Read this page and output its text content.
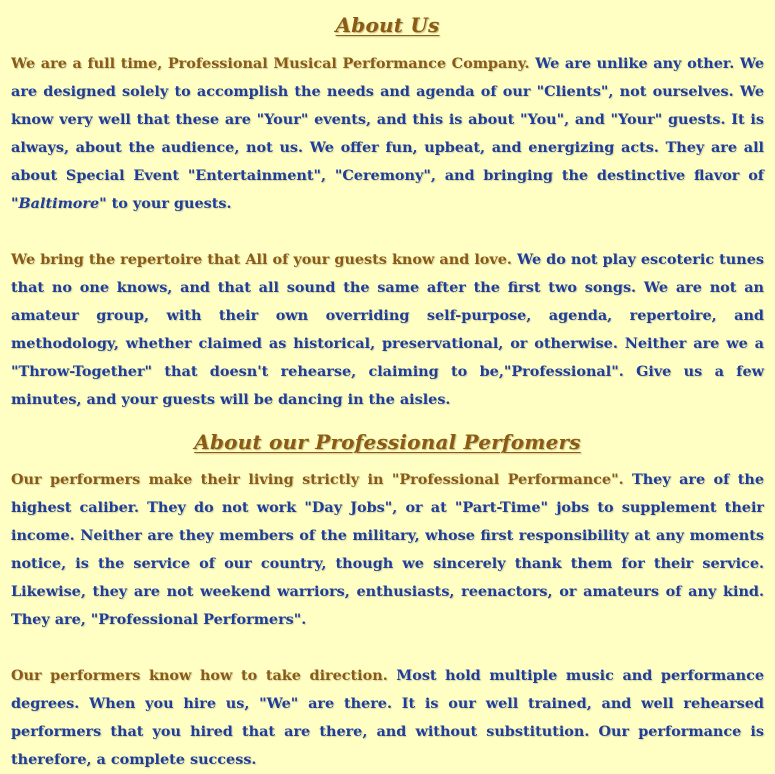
About Us

We are a full time, Professional Musical Performance Company. We are unlike any other. We are designed solely to accomplish the needs and agenda of our "Clients", not ourselves. We know very well that these are "Your" events, and this is about "You", and "Your" guests. It is always, about the audience, not us. We offer fun, upbeat, and energizing acts. They are all about Special Event "Entertainment", "Ceremony", and bringing the destinctive flavor of "Baltimore" to your guests.

We bring the repertoire that All of your guests know and love. We do not play escoteric tunes that no one knows, and that all sound the same after the first two songs. We are not an amateur group, with their own overriding self-purpose, agenda, repertoire, and methodology, whether claimed as historical, preservational, or otherwise. Neither are we a "Throw-Together" that doesn't rehearse, claiming to be,"Professional". Give us a few minutes, and your guests will be dancing in the aisles.

About our Professional Perfomers

Our performers make their living strictly in "Professional Performance". They are of the highest caliber. They do not work "Day Jobs", or at "Part-Time" jobs to supplement their income. Neither are they members of the military, whose first responsibility at any moments notice, is the service of our country, though we sincerely thank them for their service. Likewise, they are not weekend warriors, enthusiasts, reenactors, or amateurs of any kind. They are, "Professional Performers".

Our performers know how to take direction. Most hold multiple music and performance degrees. When you hire us, "We" are there. It is our well trained, and well rehearsed performers that you hired that are there, and without substitution. Our performance is therefore, a complete success.
